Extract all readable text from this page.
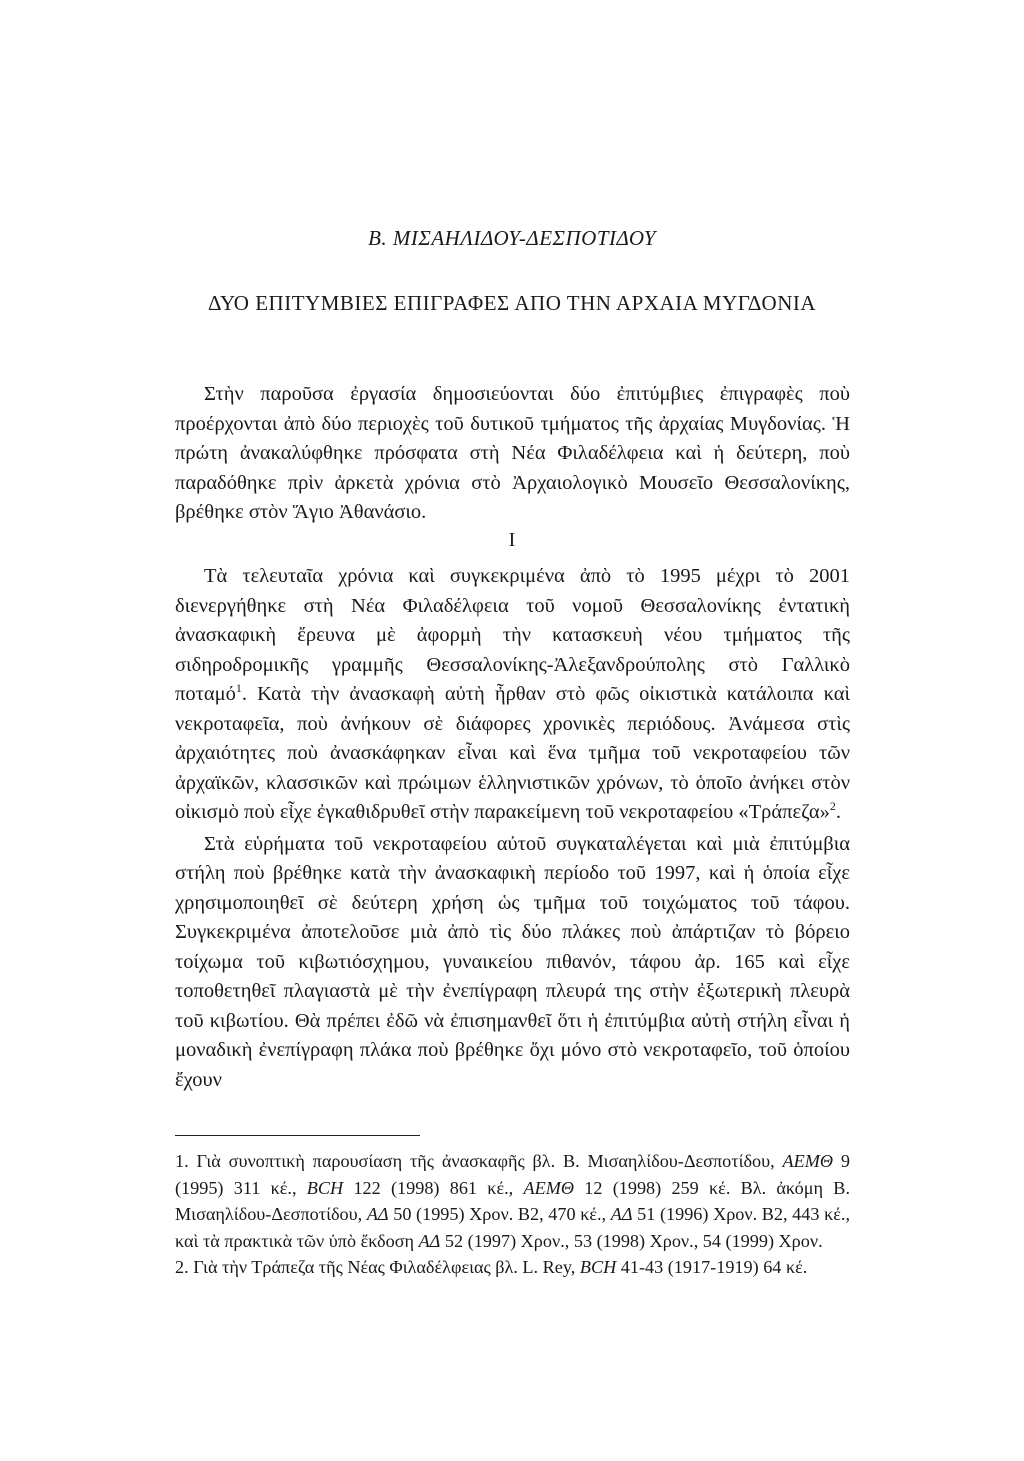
Β. ΜΙΣΑΗΛΙΔΟΥ-ΔΕΣΠΟΤΙΔΟΥ
ΔΥΟ ΕΠΙΤΥΜΒΙΕΣ ΕΠΙΓΡΑΦΕΣ ΑΠΟ ΤΗΝ ΑΡΧΑΙΑ ΜΥΓΔΟΝΙΑ

Στὴν παροῦσα ἐργασία δημοσιεύονται δύο ἐπιτύμβιες ἐπιγραφὲς ποὺ προέρχονται ἀπὸ δύο περιοχὲς τοῦ δυτικοῦ τμήματος τῆς ἀρχαίας Μυγδονίας. Ἡ πρώτη ἀνακαλύφθηκε πρόσφατα στὴ Νέα Φιλαδέλφεια καὶ ἡ δεύτερη, ποὺ παραδόθηκε πρὶν ἀρκετὰ χρόνια στὸ Ἀρχαιολογικὸ Μουσεῖο Θεσσαλονίκης, βρέθηκε στὸν Ἅγιο Ἀθανάσιο.

I

Τὰ τελευταῖα χρόνια καὶ συγκεκριμένα ἀπὸ τὸ 1995 μέχρι τὸ 2001 διενεργήθηκε στὴ Νέα Φιλαδέλφεια τοῦ νομοῦ Θεσσαλονίκης ἐντατικὴ ἀνασκαφικὴ ἔρευνα μὲ ἀφορμὴ τὴν κατασκευὴ νέου τμήματος τῆς σιδηροδρομικῆς γραμμῆς Θεσσαλονίκης-Ἀλεξανδρούπολης στὸ Γαλλικὸ ποταμό$^1$. Κατὰ τὴν ἀνασκαφὴ αὐτὴ ἦρθαν στὸ φῶς οἰκιστικὰ κατάλοιπα καὶ νεκροταφεῖα, ποὺ ἀνήκουν σὲ διάφορες χρονικὲς περιόδους. Ἀνάμεσα στὶς ἀρχαιότητες ποὺ ἀνασκάφηκαν εἶναι καὶ ἕνα τμῆμα τοῦ νεκροταφείου τῶν ἀρχαϊκῶν, κλασσικῶν καὶ πρώιμων ἑλληνιστικῶν χρόνων, τὸ ὁποῖο ἀνήκει στὸν οἰκισμὸ ποὺ εἶχε ἐγκαθιδρυθεῖ στὴν παρακείμενη τοῦ νεκροταφείου «Τράπεζα»$^2$.

Στὰ εὑρήματα τοῦ νεκροταφείου αὐτοῦ συγκαταλέγεται καὶ μιὰ ἐπιτύμβια στήλη ποὺ βρέθηκε κατὰ τὴν ἀνασκαφικὴ περίοδο τοῦ 1997, καὶ ἡ ὁποία εἶχε χρησιμοποιηθεῖ σὲ δεύτερη χρήση ὡς τμῆμα τοῦ τοιχώματος τοῦ τάφου. Συγκεκριμένα ἀποτελοῦσε μιὰ ἀπὸ τὶς δύο πλάκες ποὺ ἀπάρτιζαν τὸ βόρειο τοίχωμα τοῦ κιβωτιόσχημου, γυναικείου πιθανόν, τάφου ἀρ. 165 καὶ εἶχε τοποθετηθεῖ πλαγιαστὰ μὲ τὴν ἐνεπίγραφη πλευρά της στὴν ἐξωτερικὴ πλευρὰ τοῦ κιβωτίου. Θὰ πρέπει ἐδῶ νὰ ἐπισημανθεῖ ὅτι ἡ ἐπιτύμβια αὐτὴ στήλη εἶναι ἡ μοναδικὴ ἐνεπίγραφη πλάκα ποὺ βρέθηκε ὄχι μόνο στὸ νεκροταφεῖο, τοῦ ὁποίου ἔχουν

1. Γιὰ συνοπτικὴ παρουσίαση τῆς ἀνασκαφῆς βλ. Β. Μισαηλίδου-Δεσποτίδου, ΑΕΜΘ 9 (1995) 311 κέ., BCH 122 (1998) 861 κέ., ΑΕΜΘ 12 (1998) 259 κέ. Βλ. ἀκόμη Β. Μισαηλίδου-Δεσποτίδου, ΑΔ 50 (1995) Χρον. Β2, 470 κέ., ΑΔ 51 (1996) Χρον. Β2, 443 κέ., καὶ τὰ πρακτικὰ τῶν ὑπὸ ἔκδοση ΑΔ 52 (1997) Χρον., 53 (1998) Χρον., 54 (1999) Χρον.

2. Γιὰ τὴν Τράπεζα τῆς Νέας Φιλαδέλφειας βλ. L. Rey, BCH 41-43 (1917-1919) 64 κέ.
